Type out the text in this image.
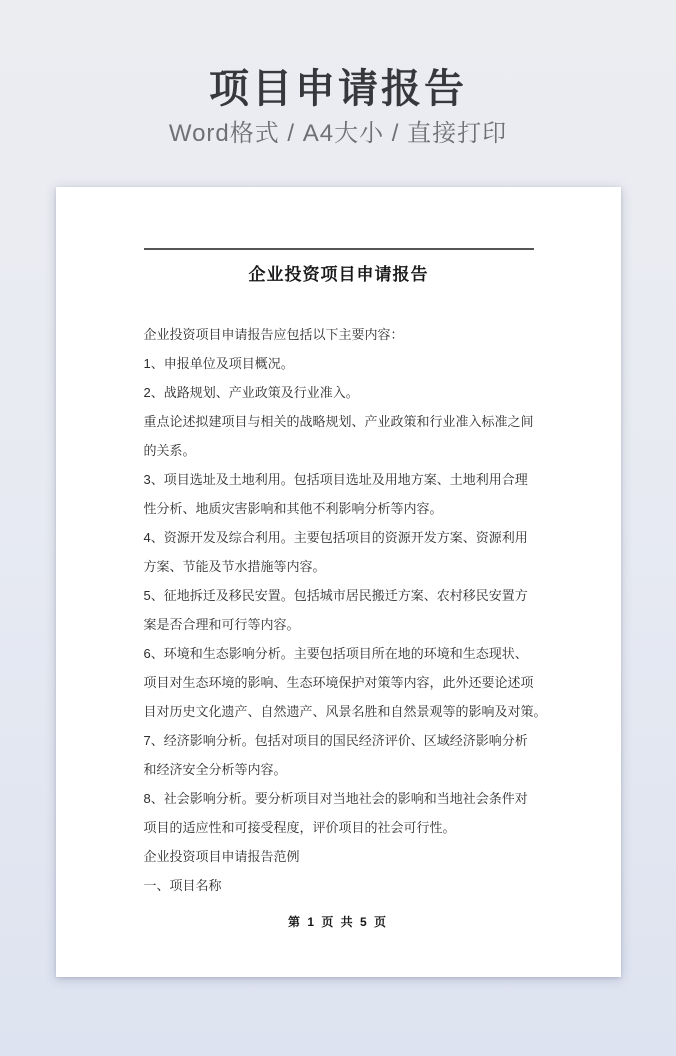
项目申请报告

Word格式 / A4大小 / 直接打印

企业投资项目申请报告

企业投资项目申请报告应包括以下主要内容：

1、申报单位及项目概况。

2、战路规划、产业政策及行业准入。

重点论述拟建项目与相关的战略规划、产业政策和行业准入标准之间

的关系。

3、项目选址及土地利用。包括项目选址及用地方案、土地利用合理

性分析、地质灾害影响和其他不利影响分析等内容。

4、资源开发及综合利用。主要包括项目的资源开发方案、资源利用

方案、节能及节水措施等内容。

5、征地拆迁及移民安置。包括城市居民搬迁方案、农村移民安置方

案是否合理和可行等内容。

6、环境和生态影响分析。主要包括项目所在地的环境和生态现状、

项目对生态环境的影响、生态环境保护对策等内容，此外还要论述项

目对历史文化遗产、自然遗产、风景名胜和自然景观等的影响及对策。

7、经济影响分析。包括对项目的国民经济评价、区域经济影响分析

和经济安全分析等内容。

8、社会影响分析。要分析项目对当地社会的影响和当地社会条件对

项目的适应性和可接受程度，评价项目的社会可行性。

企业投资项目申请报告范例

一、项目名称

第 1 页 共 5 页
